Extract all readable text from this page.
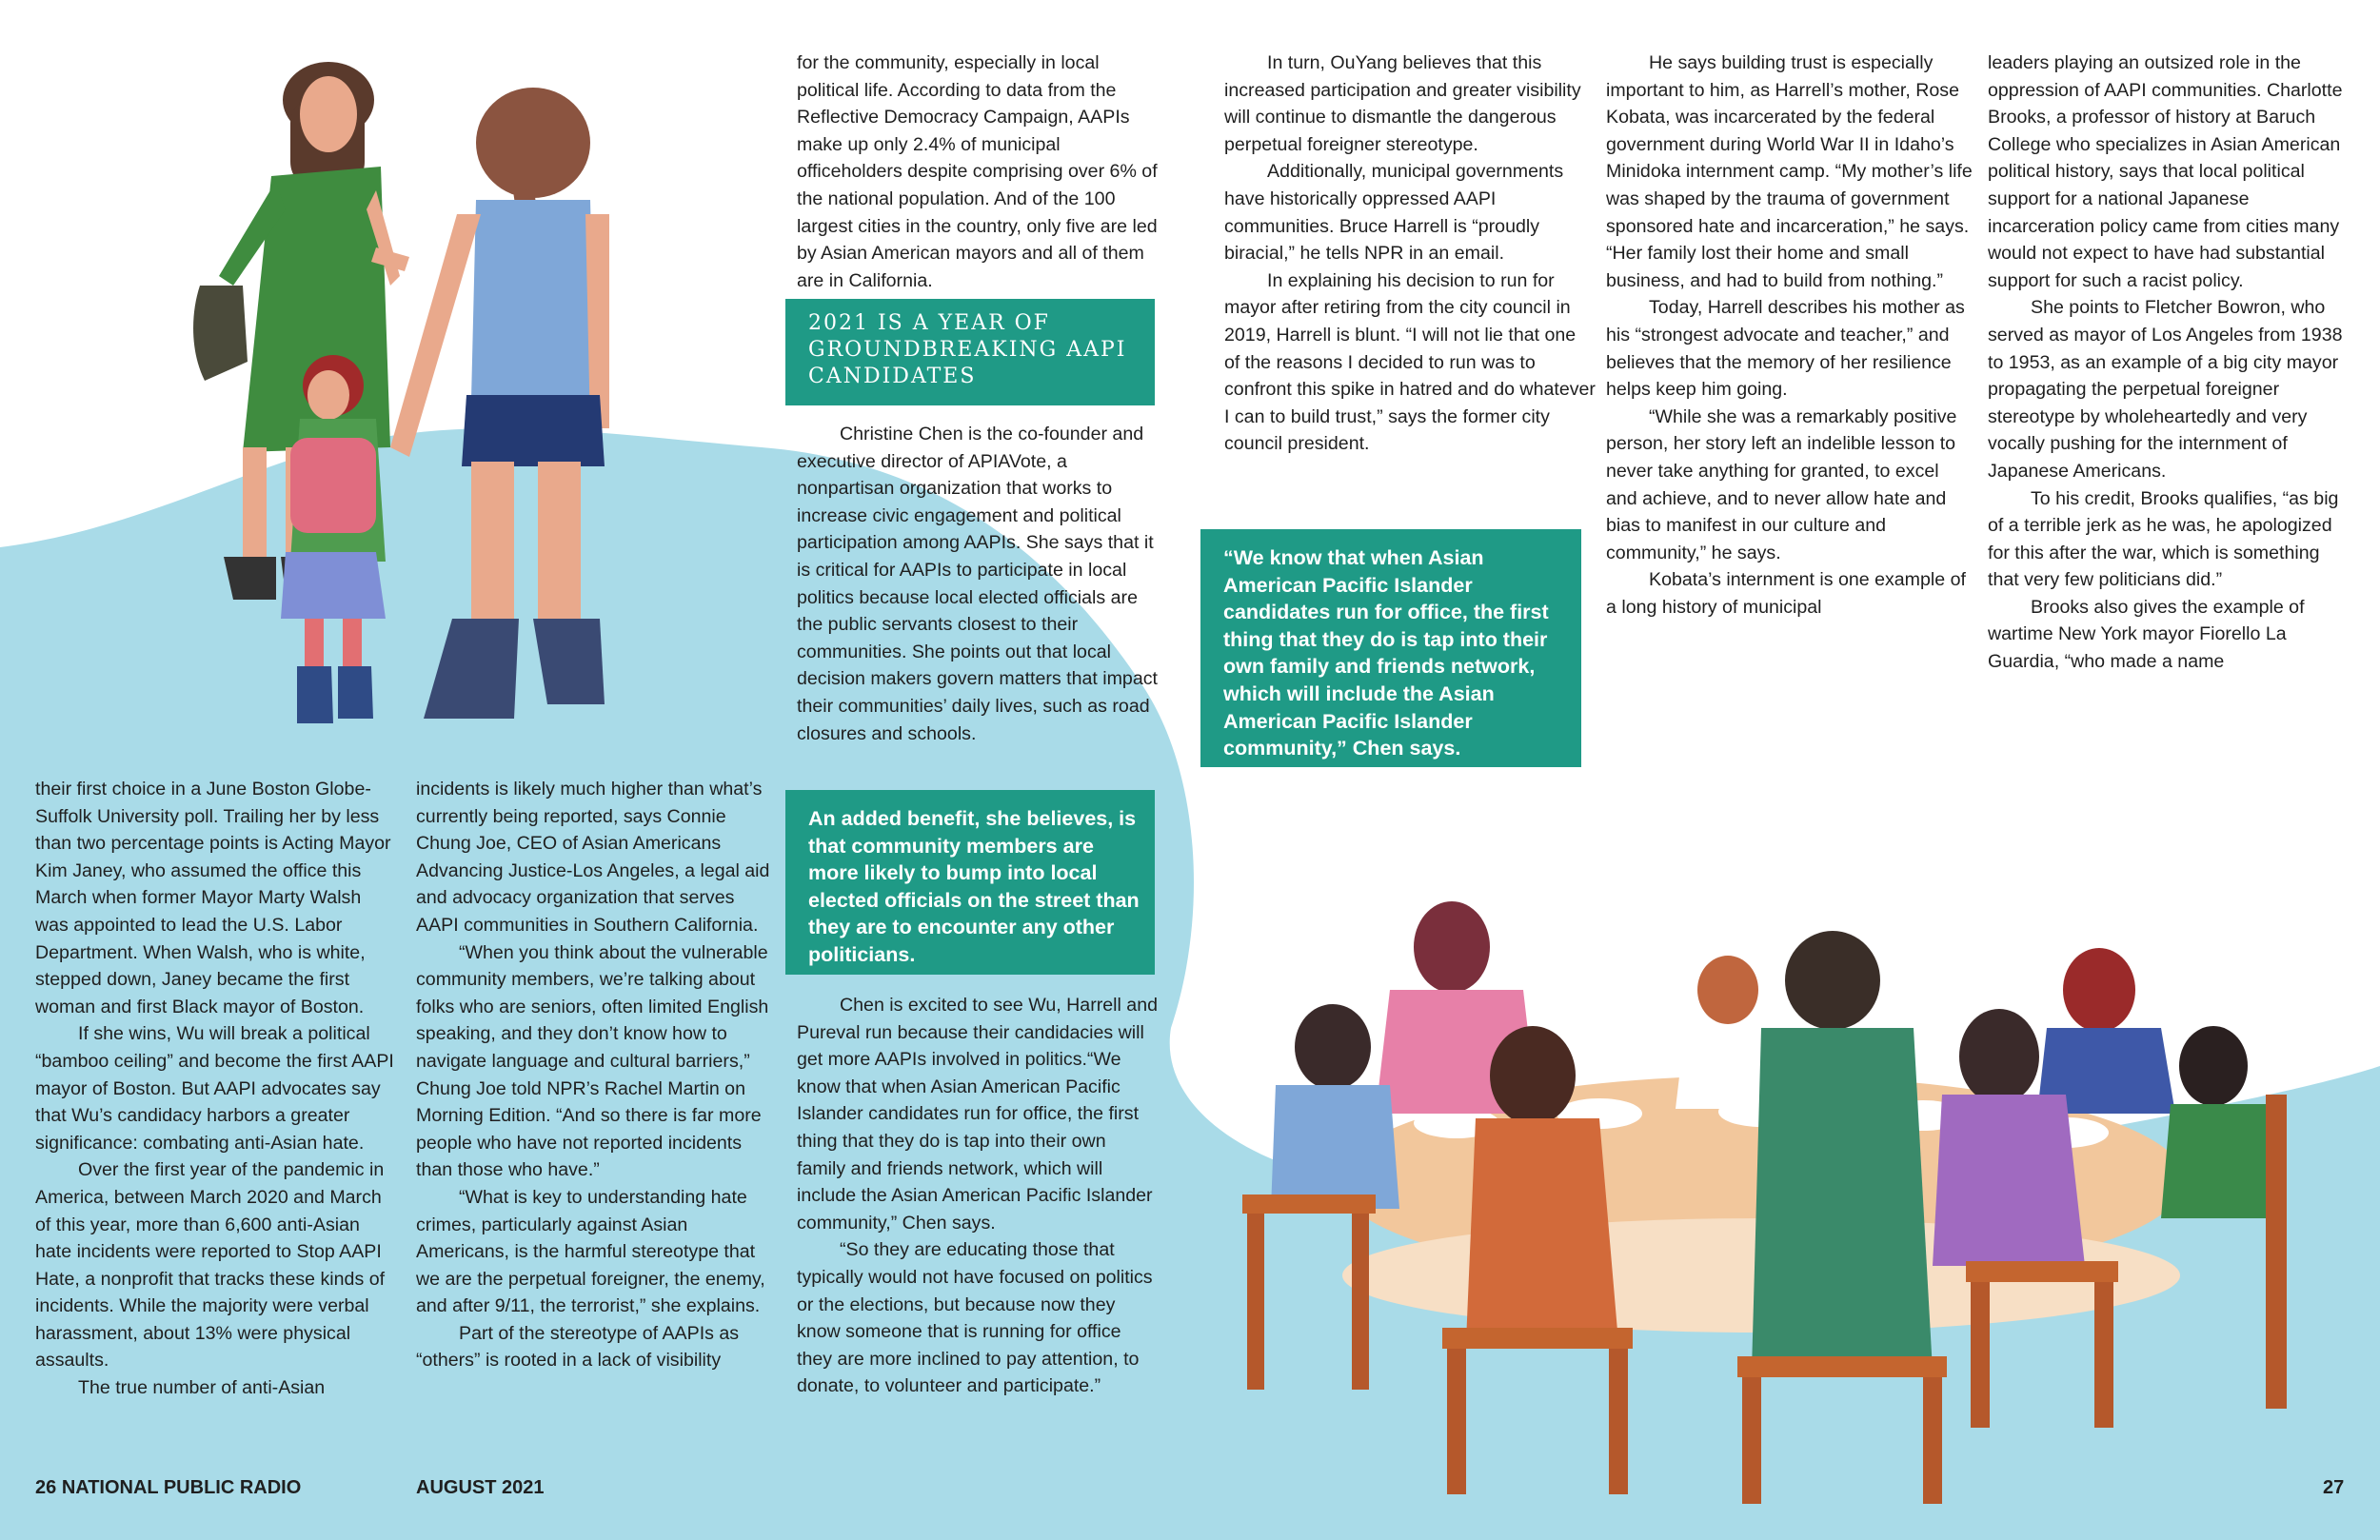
their first choice in a June Boston Globe-Suffolk University poll. Trailing her by less than two percentage points is Acting Mayor Kim Janey, who assumed the office this March when former Mayor Marty Walsh was appointed to lead the U.S. Labor Department. When Walsh, who is white, stepped down, Janey became the first woman and first Black mayor of Boston.

If she wins, Wu will break a political “bamboo ceiling” and become the first AAPI mayor of Boston. But AAPI advocates say that Wu’s candidacy harbors a greater significance: combating anti-Asian hate.

Over the first year of the pandemic in America, between March 2020 and March of this year, more than 6,600 anti-Asian hate incidents were reported to Stop AAPI Hate, a nonprofit that tracks these kinds of incidents. While the majority were verbal harassment, about 13% were physical assaults.

The true number of anti-Asian

incidents is likely much higher than what’s currently being reported, says Connie Chung Joe, CEO of Asian Americans Advancing Justice-Los Angeles, a legal aid and advocacy organization that serves AAPI communities in Southern California.

“When you think about the vulnerable community members, we’re talking about folks who are seniors, often limited English speaking, and they don’t know how to navigate language and cultural barriers,” Chung Joe told NPR’s Rachel Martin on Morning Edition. “And so there is far more people who have not reported incidents than those who have.”

“What is key to understanding hate crimes, particularly against Asian Americans, is the harmful stereotype that we are the perpetual foreigner, the enemy, and after 9/11, the terrorist,” she explains.

Part of the stereotype of AAPIs as “others” is rooted in a lack of visibility

for the community, especially in local political life. According to data from the Reflective Democracy Campaign, AAPIs make up only 2.4% of municipal officeholders despite comprising over 6% of the national population. And of the 100 largest cities in the country, only five are led by Asian American mayors and all of them are in California.

2021 IS A YEAR OF GROUNDBREAKING AAPI CANDIDATES

Christine Chen is the co-founder and executive director of APIAVote, a nonpartisan organization that works to increase civic engagement and political participation among AAPIs. She says that it is critical for AAPIs to participate in local politics because local elected officials are the public servants closest to their communities. She points out that local decision makers govern matters that impact their communities’ daily lives, such as road closures and schools.

An added benefit, she believes, is that community members are more likely to bump into local elected officials on the street than they are to encounter any other politicians.

Chen is excited to see Wu, Harrell and Pureval run because their candidacies will get more AAPIs involved in politics.“We know that when Asian American Pacific Islander candidates run for office, the first thing that they do is tap into their own family and friends network, which will include the Asian American Pacific Islander community,” Chen says.

“So they are educating those that typically would not have focused on politics or the elections, but because now they know someone that is running for office they are more inclined to pay attention, to donate, to volunteer and participate.”

In turn, OuYang believes that this increased participation and greater visibility will continue to dismantle the dangerous perpetual foreigner stereotype.

Additionally, municipal governments have historically oppressed AAPI communities. Bruce Harrell is “proudly biracial,” he tells NPR in an email.

In explaining his decision to run for mayor after retiring from the city council in 2019, Harrell is blunt. “I will not lie that one of the reasons I decided to run was to confront this spike in hatred and do whatever I can to build trust,” says the former city council president.

“We know that when Asian American Pacific Islander candidates run for office, the first thing that they do is tap into their own family and friends network, which will include the Asian American Pacific Islander community,” Chen says.

He says building trust is especially important to him, as Harrell’s mother, Rose Kobata, was incarcerated by the federal government during World War II in Idaho’s Minidoka internment camp. “My mother’s life was shaped by the trauma of government sponsored hate and incarceration,” he says. “Her family lost their home and small business, and had to build from nothing.”

Today, Harrell describes his mother as his “strongest advocate and teacher,” and believes that the memory of her resilience helps keep him going.

“While she was a remarkably positive person, her story left an indelible lesson to never take anything for granted, to excel and achieve, and to never allow hate and bias to manifest in our culture and community,” he says.

Kobata’s internment is one example of a long history of municipal

leaders playing an outsized role in the oppression of AAPI communities. Charlotte Brooks, a professor of history at Baruch College who specializes in Asian American political history, says that local political support for a national Japanese incarceration policy came from cities many would not expect to have had substantial support for such a racist policy.

She points to Fletcher Bowron, who served as mayor of Los Angeles from 1938 to 1953, as an example of a big city mayor propagating the perpetual foreigner stereotype by wholeheartedly and very vocally pushing for the internment of Japanese Americans.

To his credit, Brooks qualifies, “as big of a terrible jerk as he was, he apologized for this after the war, which is something that very few politicians did.”

Brooks also gives the example of wartime New York mayor Fiorello La Guardia, “who made a name

26 NATIONAL PUBLIC RADIO	AUGUST 2021	27
